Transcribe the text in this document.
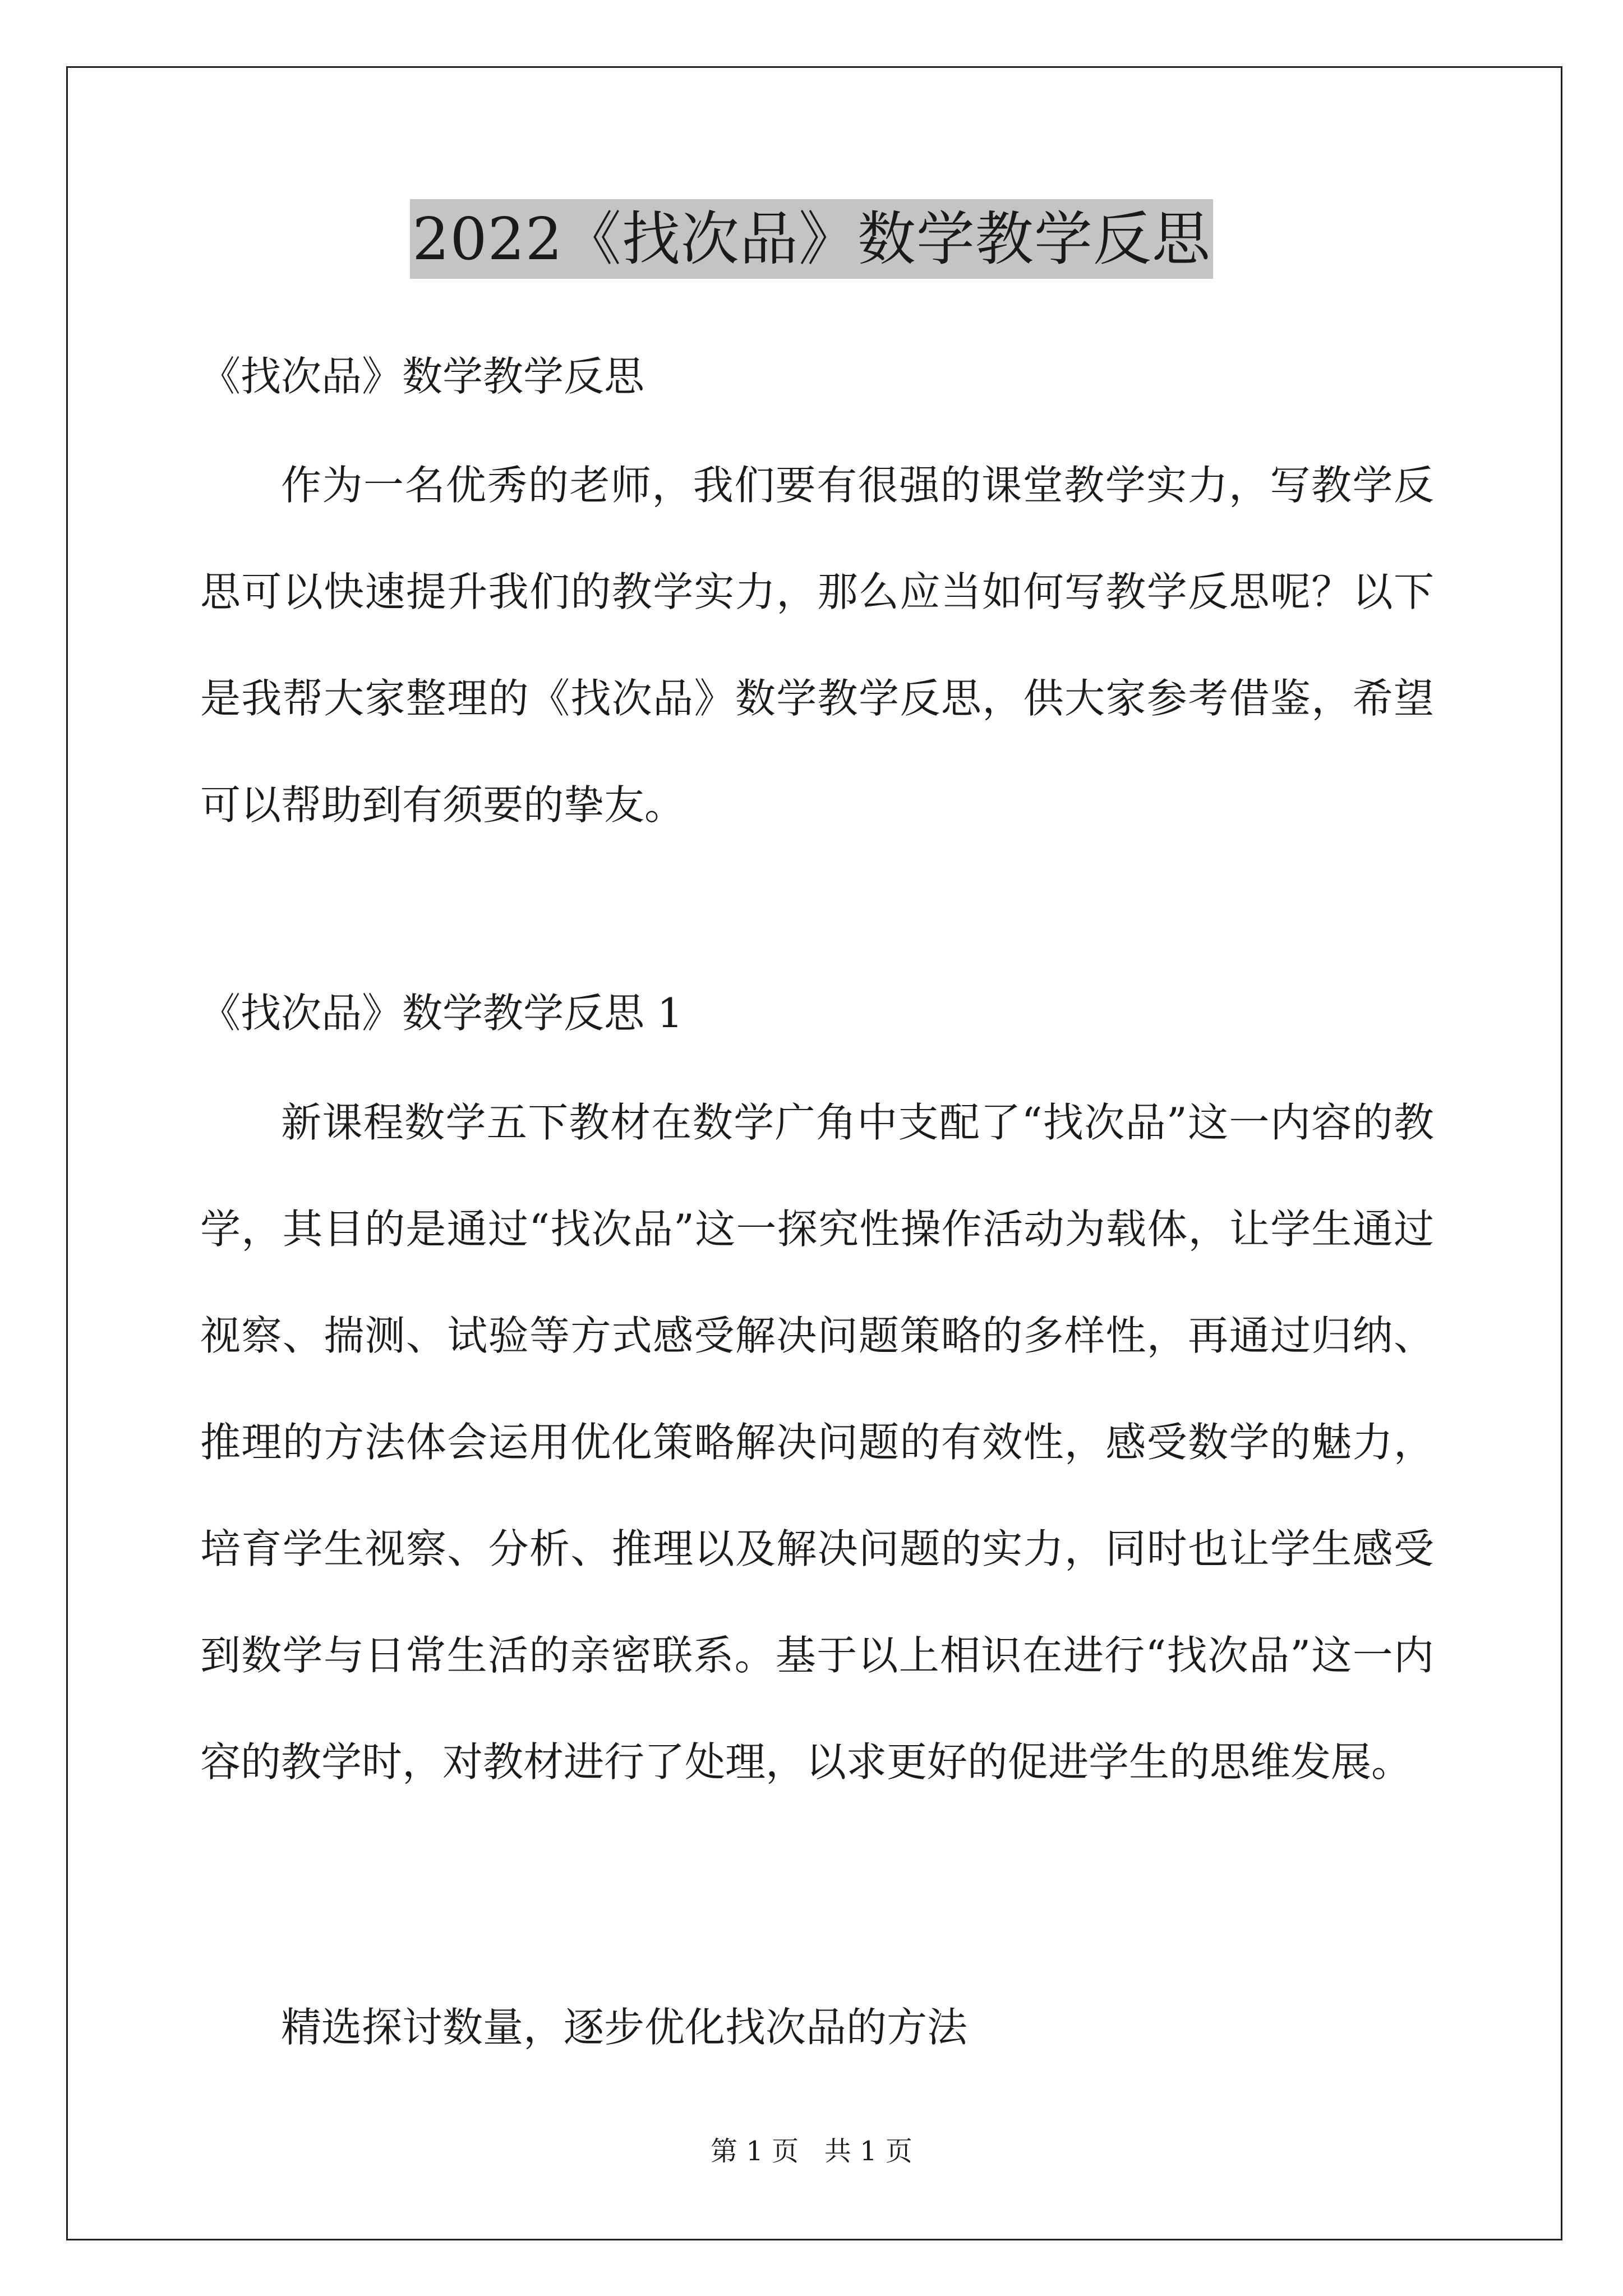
2022《找次品》数学教学反思

《找次品》数学教学反思

作为一名优秀的老师，我们要有很强的课堂教学实力，写教学反思可以快速提升我们的教学实力，那么应当如何写教学反思呢？以下是我帮大家整理的《找次品》数学教学反思，供大家参考借鉴，希望可以帮助到有须要的挚友。

《找次品》数学教学反思 1

新课程数学五下教材在数学广角中支配了“找次品”这一内容的教学，其目的是通过“找次品”这一探究性操作活动为载体，让学生通过视察、揣测、试验等方式感受解决问题策略的多样性，再通过归纳、推理的方法体会运用优化策略解决问题的有效性，感受数学的魅力，培育学生视察、分析、推理以及解决问题的实力，同时也让学生感受到数学与日常生活的亲密联系。基于以上相识在进行“找次品”这一内容的教学时，对教材进行了处理，以求更好的促进学生的思维发展。

精选探讨数量，逐步优化找次品的方法

第 1 页   共 1 页
